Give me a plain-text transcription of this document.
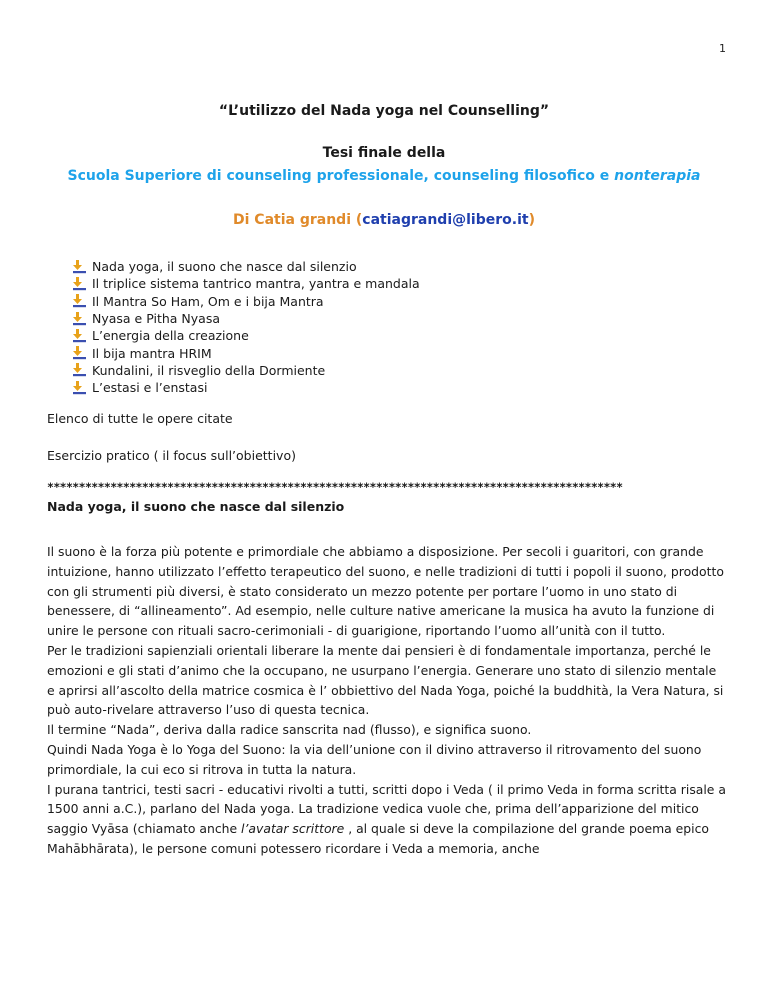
1
“L’utilizzo del Nada yoga nel Counselling”
Tesi finale della
Scuola Superiore di counseling professionale, counseling filosofico e nonterapia
Di Catia grandi (catiagrandi@libero.it)
Nada yoga, il suono che nasce dal silenzio
Il triplice sistema tantrico mantra, yantra e mandala
Il Mantra So Ham, Om e i bija Mantra
Nyasa e Pitha Nyasa
L’energia della creazione
Il bija mantra HRIM
Kundalini, il risveglio della Dormiente
L’estasi e l’enstasi
Elenco di tutte le opere citate
Esercizio pratico ( il focus sull’obiettivo)
*******************************************************************************************
Nada yoga, il suono che nasce dal silenzio

Il suono è la forza più potente e primordiale che abbiamo a disposizione. Per secoli i guaritori, con grande intuizione, hanno utilizzato l’effetto terapeutico del suono, e nelle tradizioni di tutti i popoli il suono, prodotto con gli strumenti più diversi, è stato considerato un mezzo potente per portare l’uomo in uno stato di benessere, di “allineamento”. Ad esempio, nelle culture native americane la musica ha avuto la funzione di unire le persone con rituali sacro-cerimoniali - di guarigione, riportando l’uomo all’unità con il tutto.

Per le tradizioni sapienziali orientali liberare la mente dai pensieri è di fondamentale importanza, perché le emozioni e gli stati d’animo che la occupano, ne usurpano l’energia. Generare uno stato di silenzio mentale e aprirsi all’ascolto della matrice cosmica è l’ obbiettivo del Nada Yoga, poiché la buddhità, la Vera Natura, si può auto-rivelare attraverso l’uso di questa tecnica.

Il termine “Nada”, deriva dalla radice sanscrita nad (flusso), e significa suono.

Quindi Nada Yoga è lo Yoga del Suono: la via dell’unione con il divino attraverso il ritrovamento del suono primordiale, la cui eco si ritrova in tutta la natura.

I purana tantrici, testi sacri - educativi rivolti a tutti, scritti dopo i Veda ( il primo Veda in forma scritta risale a 1500 anni a.C.), parlano del Nada yoga. La tradizione vedica vuole che, prima dell’apparizione del mitico saggio Vyāsa (chiamato anche l’avatar scrittore , al quale si deve la compilazione del grande poema epico Mahābhārata), le persone comuni potessero ricordare i Veda a memoria, anche
